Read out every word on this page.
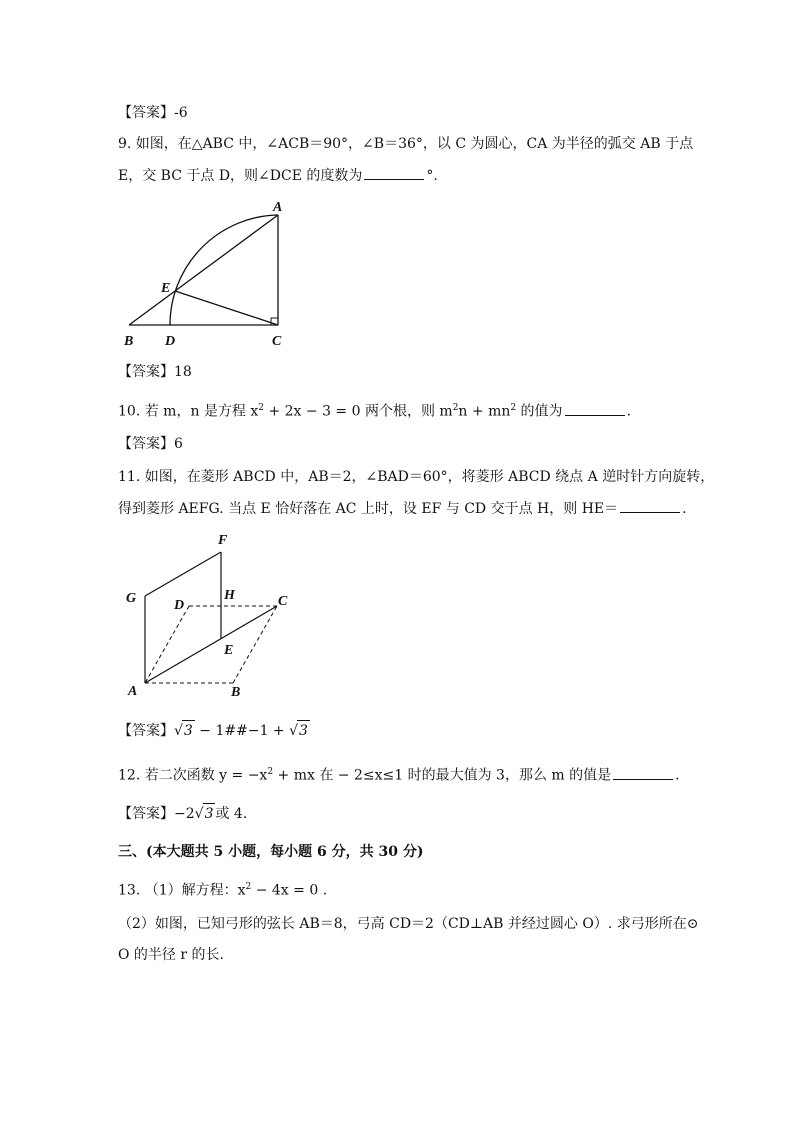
【答案】-6
9. 如图，在△ABC 中，∠ACB＝90°，∠B＝36°，以 C 为圆心，CA 为半径的弧交 AB 于点
E，交 BC 于点 D，则∠DCE 的度数为	°.
A
E
B D	C
【答案】18
10. 若 m，n 是方程 $x^2 + 2x - 3 = 0$ 两个根，则 $m^2n + mn^2$ 的值为	.
【答案】6
11. 如图，在菱形 ABCD 中，AB＝2，∠BAD＝60°，将菱形 ABCD 绕点 A 逆时针方向旋转，
得到菱形 AEFG. 当点 E 恰好落在 AC 上时，设 EF 与 CD 交于点 H，则 HE＝	.
F
G	D
H	C
E
A	B
【答案】√3 − 1##−1 + √3
12. 若二次函数 $y = -x^2$ + mx 在 − 2≤x≤1 时的最大值为 3，那么 m 的值是	.
【答案】−2√3 或 4.
三、(本大题共 5 小题，每小题 6 分，共 30 分)
13. （1）解方程：$x^2 - 4x = 0$ .
（2）如图，已知弓形的弦长 AB＝8，弓高 CD＝2（CD⊥AB 并经过圆心 O）. 求弓形所在⊙
O 的半径 r 的长.
